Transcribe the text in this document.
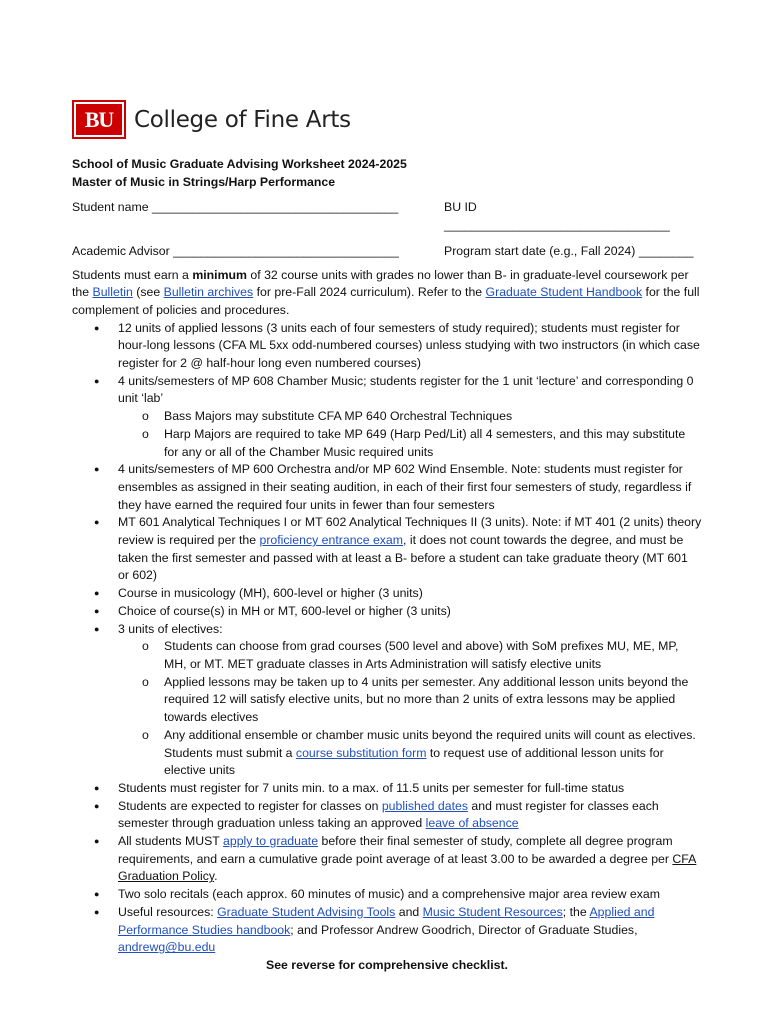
BU College of Fine Arts
School of Music Graduate Advising Worksheet 2024-2025
Master of Music in Strings/Harp Performance
Student name ____________________________________	BU ID _________________________________
Academic Advisor _________________________________	Program start date (e.g., Fall 2024) ________
Students must earn a minimum of 32 course units with grades no lower than B- in graduate-level coursework per the Bulletin (see Bulletin archives for pre-Fall 2024 curriculum). Refer to the Graduate Student Handbook for the full complement of policies and procedures.
● 12 units of applied lessons (3 units each of four semesters of study required); students must register for hour-long lessons (CFA ML 5xx odd-numbered courses) unless studying with two instructors (in which case register for 2 @ half-hour long even numbered courses)
● 4 units/semesters of MP 608 Chamber Music; students register for the 1 unit ‘lecture’ and corresponding 0 unit ‘lab’
o Bass Majors may substitute CFA MP 640 Orchestral Techniques
o Harp Majors are required to take MP 649 (Harp Ped/Lit) all 4 semesters, and this may substitute for any or all of the Chamber Music required units
● 4 units/semesters of MP 600 Orchestra and/or MP 602 Wind Ensemble. Note: students must register for ensembles as assigned in their seating audition, in each of their first four semesters of study, regardless if they have earned the required four units in fewer than four semesters
● MT 601 Analytical Techniques I or MT 602 Analytical Techniques II (3 units). Note: if MT 401 (2 units) theory review is required per the proficiency entrance exam, it does not count towards the degree, and must be taken the first semester and passed with at least a B- before a student can take graduate theory (MT 601 or 602)
● Course in musicology (MH), 600-level or higher (3 units)
● Choice of course(s) in MH or MT, 600-level or higher (3 units)
● 3 units of electives:
o Students can choose from grad courses (500 level and above) with SoM prefixes MU, ME, MP, MH, or MT. MET graduate classes in Arts Administration will satisfy elective units
o Applied lessons may be taken up to 4 units per semester. Any additional lesson units beyond the required 12 will satisfy elective units, but no more than 2 units of extra lessons may be applied towards electives
o Any additional ensemble or chamber music units beyond the required units will count as electives. Students must submit a course substitution form to request use of additional lesson units for elective units
● Students must register for 7 units min. to a max. of 11.5 units per semester for full-time status
● Students are expected to register for classes on published dates and must register for classes each semester through graduation unless taking an approved leave of absence
● All students MUST apply to graduate before their final semester of study, complete all degree program requirements, and earn a cumulative grade point average of at least 3.00 to be awarded a degree per CFA Graduation Policy.
● Two solo recitals (each approx. 60 minutes of music) and a comprehensive major area review exam
● Useful resources: Graduate Student Advising Tools and Music Student Resources; the Applied and Performance Studies handbook; and Professor Andrew Goodrich, Director of Graduate Studies, andrewg@bu.edu
See reverse for comprehensive checklist.
